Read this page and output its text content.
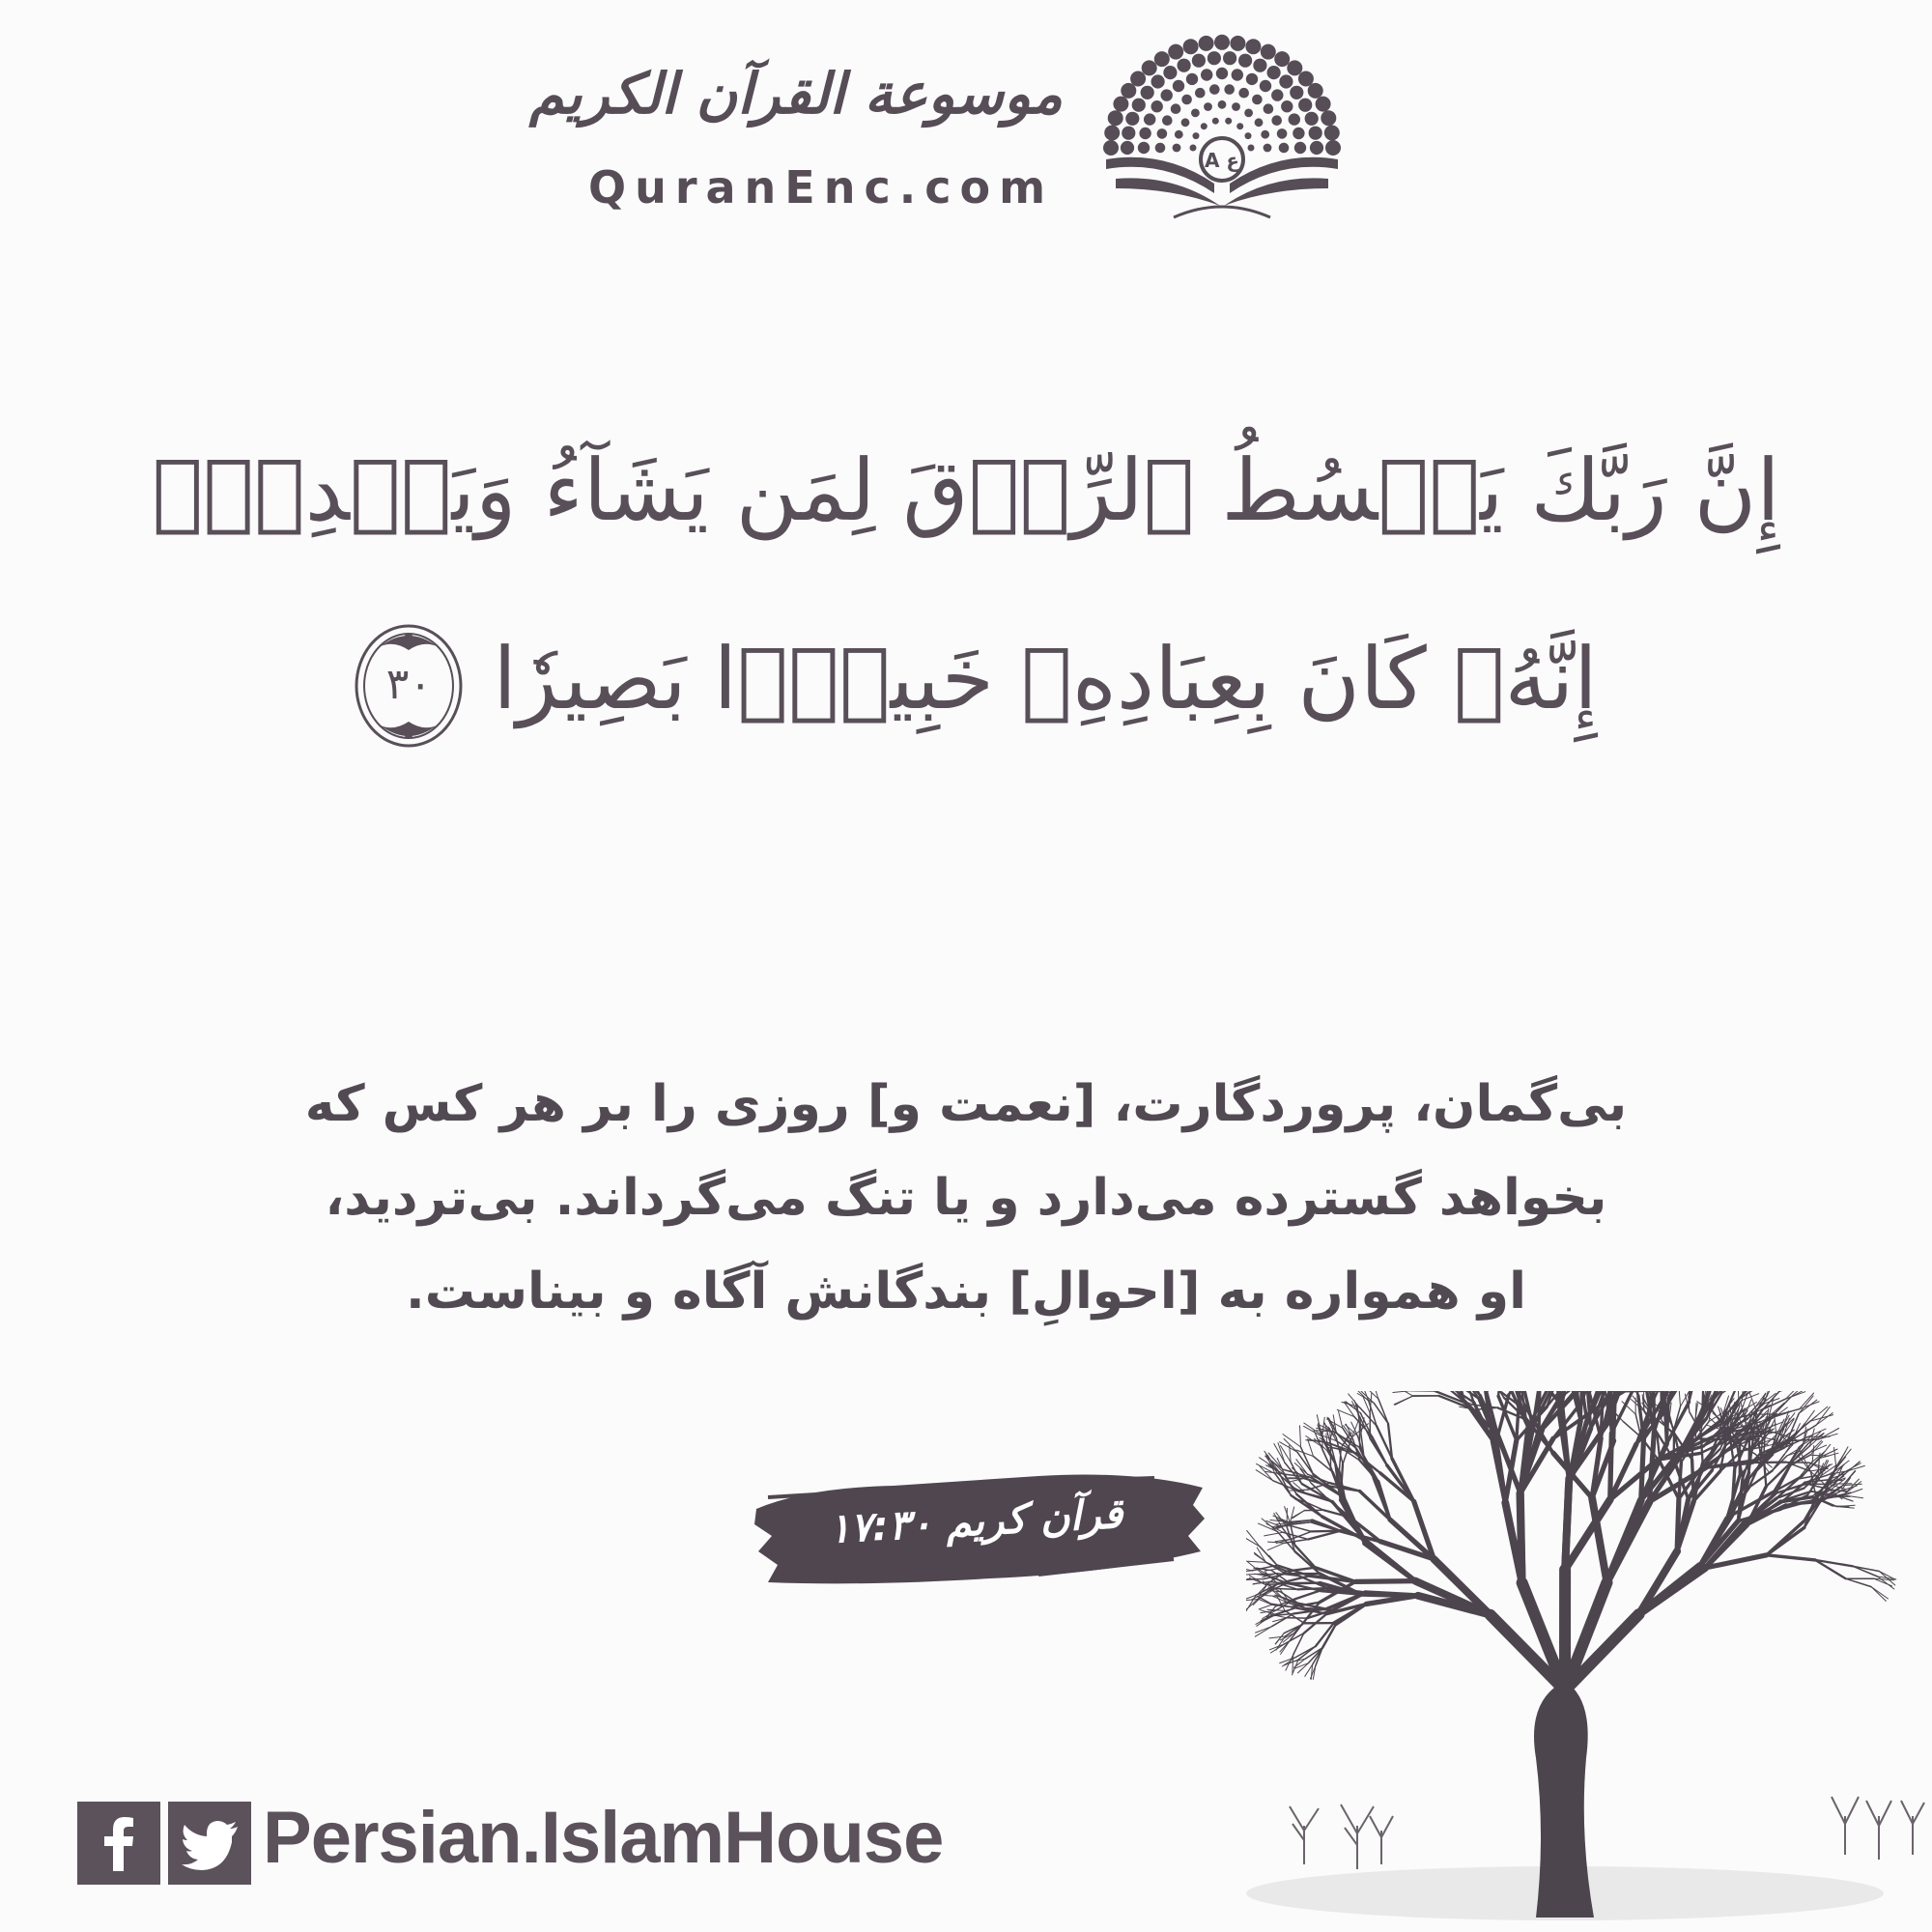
موسوعة القرآن الكريم
QuranEnc.com
A ع
إِنَّ رَبَّكَ يَبۡسُطُ ٱلرِّزۡقَ لِمَن يَشَآءُ وَيَقۡدِرُۚ
إِنَّهُۥ كَانَ بِعِبَادِهِۦ خَبِيرَۢا بَصِيرٗا
٣٠
بی‌گمان، پروردگارت، [نعمت و] روزی را بر هر کس که
بخواهد گسترده می‌دارد و یا تنگ می‌گرداند. بی‌تردید،
او همواره به [احوالِ] بندگانش آگاه و بیناست.
قرآن کریم ۱۷:۳۰
Persian.IslamHouse
